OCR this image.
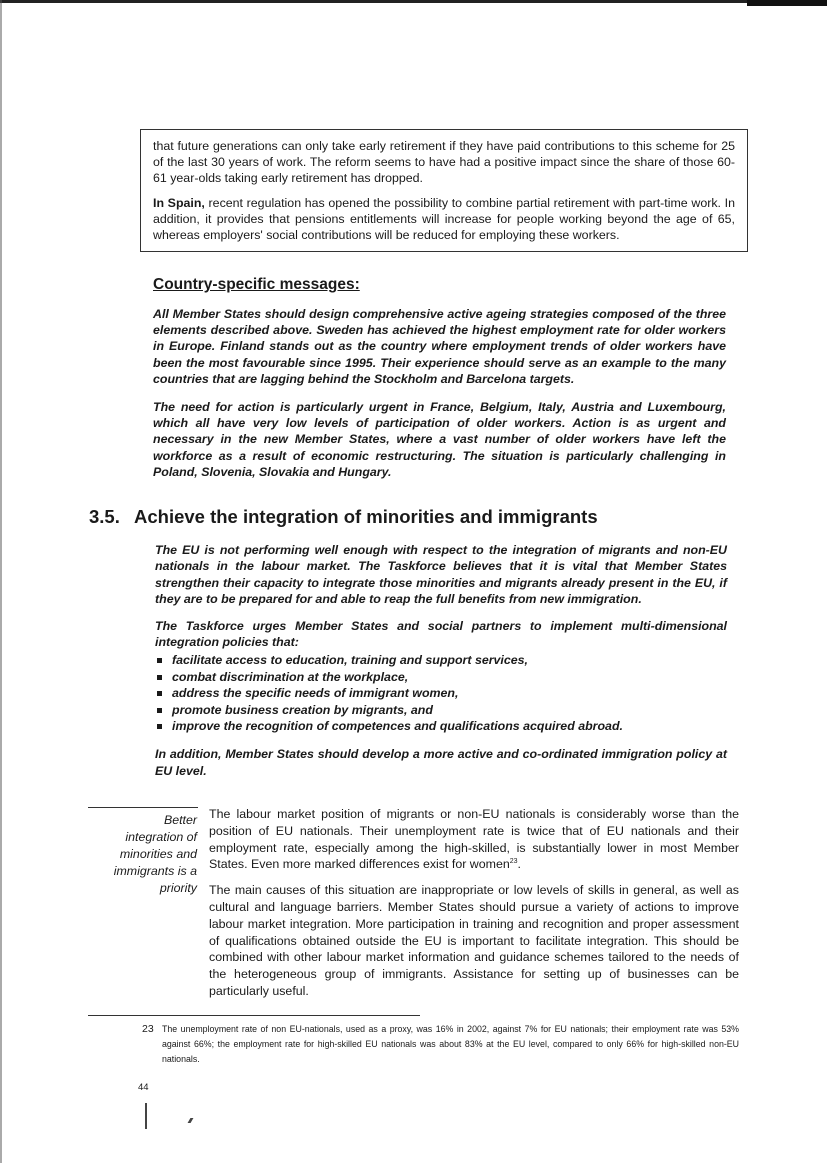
that future generations can only take early retirement if they have paid contributions to this scheme for 25 of the last 30 years of work. The reform seems to have had a positive impact since the share of those 60-61 year-olds taking early retirement has dropped.

In Spain, recent regulation has opened the possibility to combine partial retirement with part-time work. In addition, it provides that pensions entitlements will increase for people working beyond the age of 65, whereas employers' social contributions will be reduced for employing these workers.

Country-specific messages:

All Member States should design comprehensive active ageing strategies composed of the three elements described above. Sweden has achieved the highest employment rate for older workers in Europe. Finland stands out as the country where employment trends of older workers have been the most favourable since 1995. Their experience should serve as an example to the many countries that are lagging behind the Stockholm and Barcelona targets.

The need for action is particularly urgent in France, Belgium, Italy, Austria and Luxembourg, which all have very low levels of participation of older workers. Action is as urgent and necessary in the new Member States, where a vast number of older workers have left the workforce as a result of economic restructuring. The situation is particularly challenging in Poland, Slovenia, Slovakia and Hungary.

3.5. Achieve the integration of minorities and immigrants

The EU is not performing well enough with respect to the integration of migrants and non-EU nationals in the labour market. The Taskforce believes that it is vital that Member States strengthen their capacity to integrate those minorities and migrants already present in the EU, if they are to be prepared for and able to reap the full benefits from new immigration.

The Taskforce urges Member States and social partners to implement multi-dimensional integration policies that:

facilitate access to education, training and support services,
combat discrimination at the workplace,
address the specific needs of immigrant women,
promote business creation by migrants, and
improve the recognition of competences and qualifications acquired abroad.

In addition, Member States should develop a more active and co-ordinated immigration policy at EU level.

Better
integration of
minorities and
immigrants is a
priority

The labour market position of migrants or non-EU nationals is considerably worse than the position of EU nationals. Their unemployment rate is twice that of EU nationals and their employment rate, especially among the high-skilled, is substantially lower in most Member States. Even more marked differences exist for women$^{23}$.

The main causes of this situation are inappropriate or low levels of skills in general, as well as cultural and language barriers. Member States should pursue a variety of actions to improve labour market integration. More participation in training and recognition and proper assessment of qualifications obtained outside the EU is important to facilitate integration. This should be combined with other labour market information and guidance schemes tailored to the needs of the heterogeneous group of immigrants. Assistance for setting up of businesses can be particularly useful.

23 The unemployment rate of non EU-nationals, used as a proxy, was 16% in 2002, against 7% for EU nationals; their employment rate was 53% against 66%; the employment rate for high-skilled EU nationals was about 83% at the EU level, compared to only 66% for high-skilled non-EU nationals.
44
